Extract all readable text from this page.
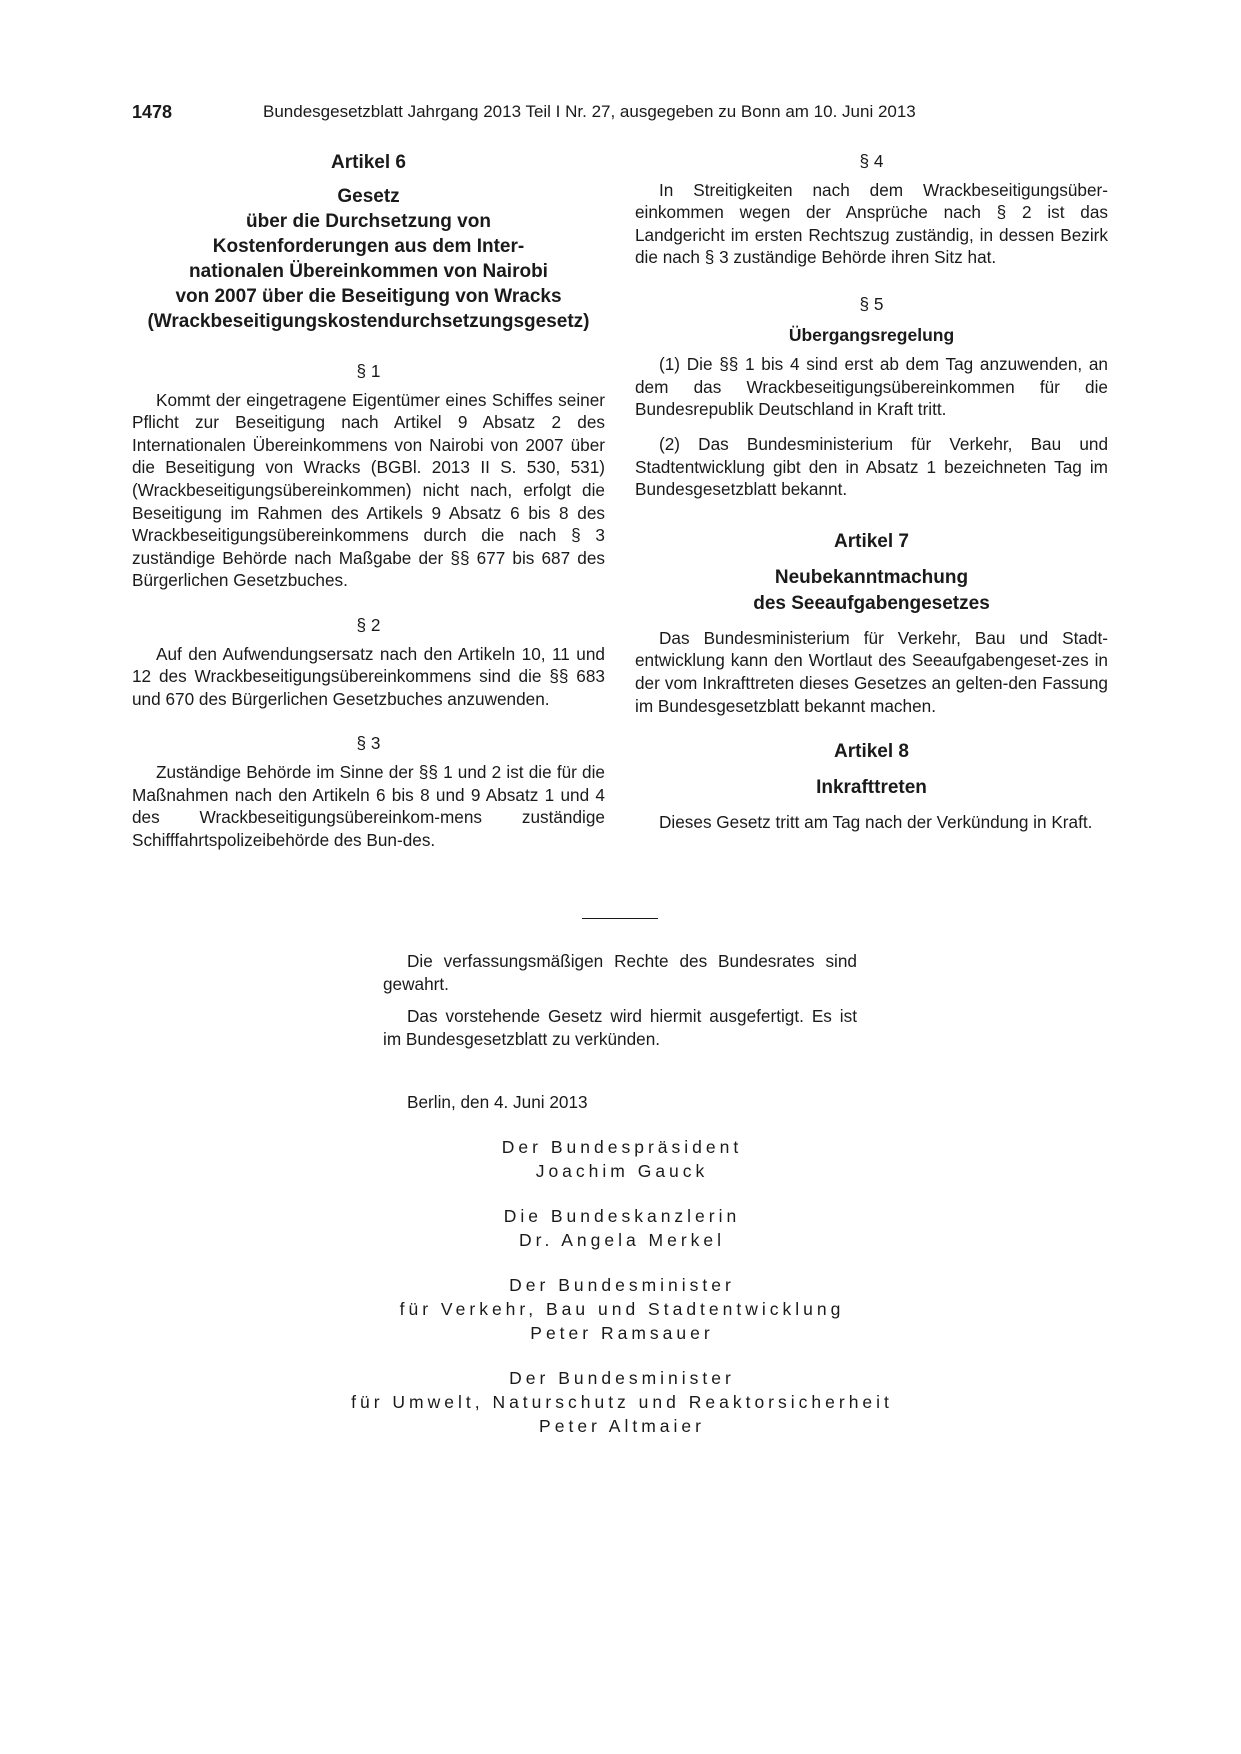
1478	Bundesgesetzblatt Jahrgang 2013 Teil I Nr. 27, ausgegeben zu Bonn am 10. Juni 2013
Artikel 6
Gesetz
über die Durchsetzung von
Kostenforderungen aus dem Inter-
nationalen Übereinkommen von Nairobi
von 2007 über die Beseitigung von Wracks
(Wrackbeseitigungskostendurchsetzungsgesetz)
§ 1
Kommt der eingetragene Eigentümer eines Schiffes seiner Pflicht zur Beseitigung nach Artikel 9 Absatz 2 des Internationalen Übereinkommens von Nairobi von 2007 über die Beseitigung von Wracks (BGBl. 2013 II S. 530, 531) (Wrackbeseitigungsübereinkommen) nicht nach, erfolgt die Beseitigung im Rahmen des Artikels 9 Absatz 6 bis 8 des Wrackbeseitigungsübereinkommens durch die nach § 3 zuständige Behörde nach Maßgabe der §§ 677 bis 687 des Bürgerlichen Gesetzbuches.
§ 2
Auf den Aufwendungsersatz nach den Artikeln 10, 11 und 12 des Wrackbeseitigungsübereinkommens sind die §§ 683 und 670 des Bürgerlichen Gesetzbuches anzuwenden.
§ 3
Zuständige Behörde im Sinne der §§ 1 und 2 ist die für die Maßnahmen nach den Artikeln 6 bis 8 und 9 Absatz 1 und 4 des Wrackbeseitigungsübereinkom-mens zuständige Schifffahrtspolizeibehörde des Bun-des.
§ 4
In Streitigkeiten nach dem Wrackbeseitigungsüber-einkommen wegen der Ansprüche nach § 2 ist das Landgericht im ersten Rechtszug zuständig, in dessen Bezirk die nach § 3 zuständige Behörde ihren Sitz hat.
§ 5
Übergangsregelung
(1) Die §§ 1 bis 4 sind erst ab dem Tag anzuwenden, an dem das Wrackbeseitigungsübereinkommen für die Bundesrepublik Deutschland in Kraft tritt.
(2) Das Bundesministerium für Verkehr, Bau und Stadtentwicklung gibt den in Absatz 1 bezeichneten Tag im Bundesgesetzblatt bekannt.
Artikel 7
Neubekanntmachung
des Seeaufgabengesetzes
Das Bundesministerium für Verkehr, Bau und Stadt-entwicklung kann den Wortlaut des Seeaufgabengeset-zes in der vom Inkrafttreten dieses Gesetzes an gelten-den Fassung im Bundesgesetzblatt bekannt machen.
Artikel 8
Inkrafttreten
Dieses Gesetz tritt am Tag nach der Verkündung in Kraft.
Die verfassungsmäßigen Rechte des Bundesrates sind gewahrt.
Das vorstehende Gesetz wird hiermit ausgefertigt. Es ist im Bundesgesetzblatt zu verkünden.
Berlin, den 4. Juni 2013
Der Bundespräsident
Joachim Gauck
Die Bundeskanzlerin
Dr. Angela Merkel
Der Bundesminister
für Verkehr, Bau und Stadtentwicklung
Peter Ramsauer
Der Bundesminister
für Umwelt, Naturschutz und Reaktorsicherheit
Peter Altmaier
